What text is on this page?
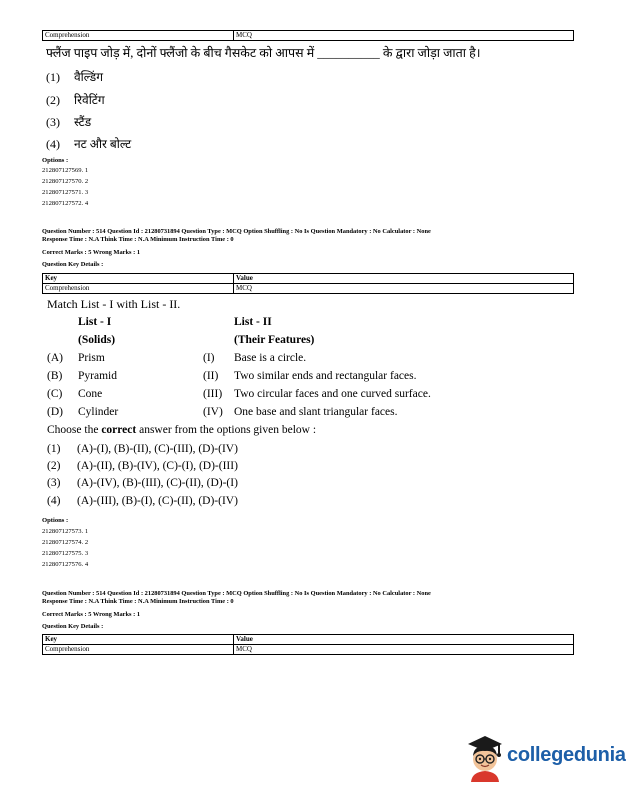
Comprehension	MCQ
फ्लैंज पाइप जोड़ में, दोनों फ्लैंजो के बीच गैसकेट को आपस में __________ के द्वारा जोड़ा जाता है।
(1) वैल्डिंग
(2) रिवेटिंग
(3) स्टैंड
(4) नट और बोल्ट
Options :
212807127569. 1
212807127570. 2
212807127571. 3
212807127572. 4
Question Number : 514 Question Id : 21280731894 Question Type : MCQ Option Shuffling : No Is Question Mandatory : No Calculator : None
Response Time : N.A Think Time : N.A Minimum Instruction Time : 0
Correct Marks : 5 Wrong Marks : 1
Question Key Details :
Key	Value
Comprehension	MCQ
Match List - I with List - II.
List - I	List - II
(Solids)	(Their Features)
(A) Prism	(I) Base is a circle.
(B) Pyramid	(II) Two similar ends and rectangular faces.
(C) Cone	(III) Two circular faces and one curved surface.
(D) Cylinder	(IV) One base and slant triangular faces.
Choose the correct answer from the options given below :
(1) (A)-(I), (B)-(II), (C)-(III), (D)-(IV)
(2) (A)-(II), (B)-(IV), (C)-(I), (D)-(III)
(3) (A)-(IV), (B)-(III), (C)-(II), (D)-(I)
(4) (A)-(III), (B)-(I), (C)-(II), (D)-(IV)
Options :
212807127573. 1
212807127574. 2
212807127575. 3
212807127576. 4
Question Number : 514 Question Id : 21280731894 Question Type : MCQ Option Shuffling : No Is Question Mandatory : No Calculator : None
Response Time : N.A Think Time : N.A Minimum Instruction Time : 0
Correct Marks : 5 Wrong Marks : 1
Question Key Details :
Key	Value
Comprehension	MCQ
collegedunia
